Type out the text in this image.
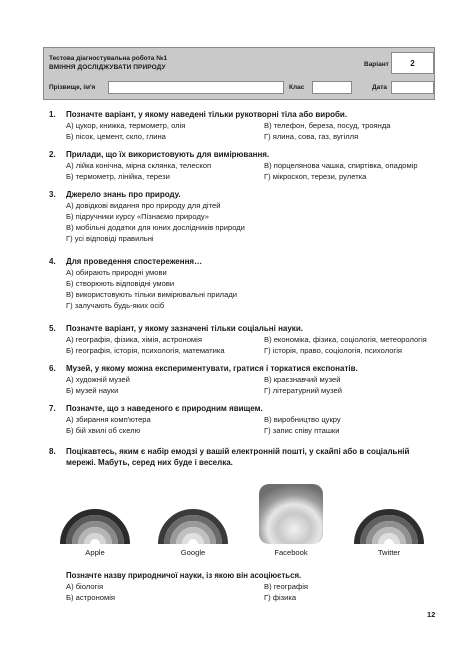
Тестова діагностувальна робота №1
ВМІННЯ ДОСЛІДЖУВАТИ ПРИРОДУ	Варіант	2
Прізвище, ім'я	Клас	Дата
1. Позначте варіант, у якому наведені тільки рукотворні тіла або вироби.
А) цукор, книжка, термометр, олія	В) телефон, береза, посуд, троянда
Б) пісок, цемент, скло, глина	Г) ялина, сова, газ, вугілля
2. Прилади, що їх використовують для вимірювання.
А) лійка конічна, мірна склянка, телескоп	В) порцелянова чашка, спиртівка, опадомір
Б) термометр, лінійка, терези	Г) мікроскоп, терези, рулетка
3. Джерело знань про природу.
А) довідкові видання про природу для дітей
Б) підручники курсу «Пізнаємо природу»
В) мобільні додатки для юних дослідників природи
Г) усі відповіді правильні
4. Для проведення спостереження…
А) обирають природні умови
Б) створюють відповідні умови
В) використовують тільки вимірювальні прилади
Г) залучають будь-яких осіб
5. Позначте варіант, у якому зазначені тільки соціальні науки.
А) географія, фізика, хімія, астрономія	В) економіка, фізика, соціологія, метеорологія
Б) географія, історія, психологія, математика	Г) історія, право, соціологія, психологія
6. Музей, у якому можна експериментувати, гратися і торкатися експонатів.
А) художній музей	В) краєзнавчий музей
Б) музей науки	Г) літературний музей
7. Позначте, що з наведеного є природним явищем.
А) збирання комп'ютера	В) виробництво цукру
Б) бій хвилі об скелю	Г) запис співу пташки
8. Поцікавтесь, яким є набір емодзі у вашій електронній пошті, у скайпі або в соціальній мережі. Мабуть, серед них буде і веселка.
Apple	Google	Facebook	Twitter
Позначте назву природничої науки, із якою він асоціюється.
А) біологія	В) географія
Б) астрономія	Г) фізика
12
